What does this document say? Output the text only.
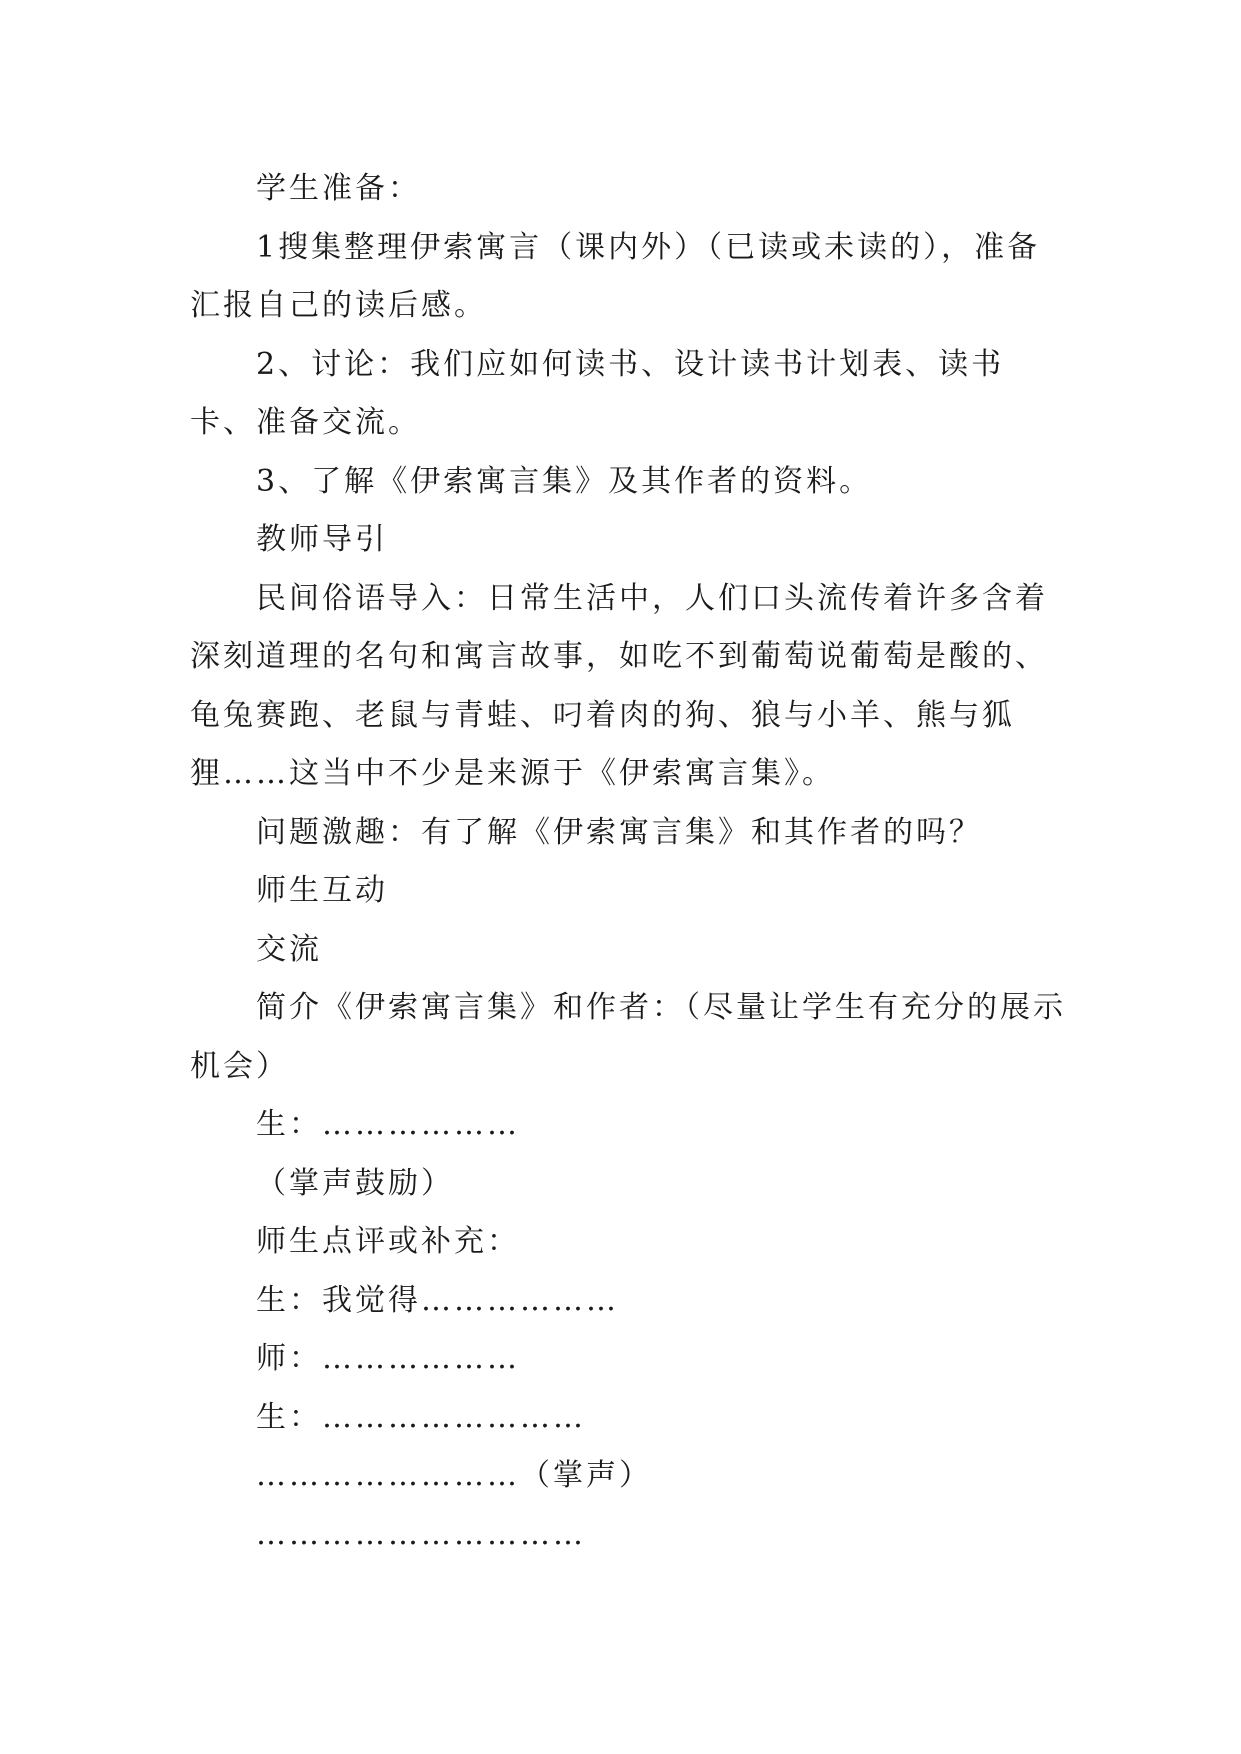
学生准备：

1搜集整理伊索寓言（课内外）（已读或未读的），准备汇报自己的读后感。

2、讨论：我们应如何读书、设计读书计划表、读书卡、准备交流。

3、了解《伊索寓言集》及其作者的资料。

教师导引

民间俗语导入：日常生活中，人们口头流传着许多含着深刻道理的名句和寓言故事，如吃不到葡萄说葡萄是酸的、龟兔赛跑、老鼠与青蛙、叼着肉的狗、狼与小羊、熊与狐狸……这当中不少是来源于《伊索寓言集》。

问题激趣：有了解《伊索寓言集》和其作者的吗？

师生互动

交流

简介《伊索寓言集》和作者：（尽量让学生有充分的展示机会）

生：………………

（掌声鼓励）

师生点评或补充：

生：我觉得………………

师：………………

生：……………………

……………………（掌声）

…………………………
